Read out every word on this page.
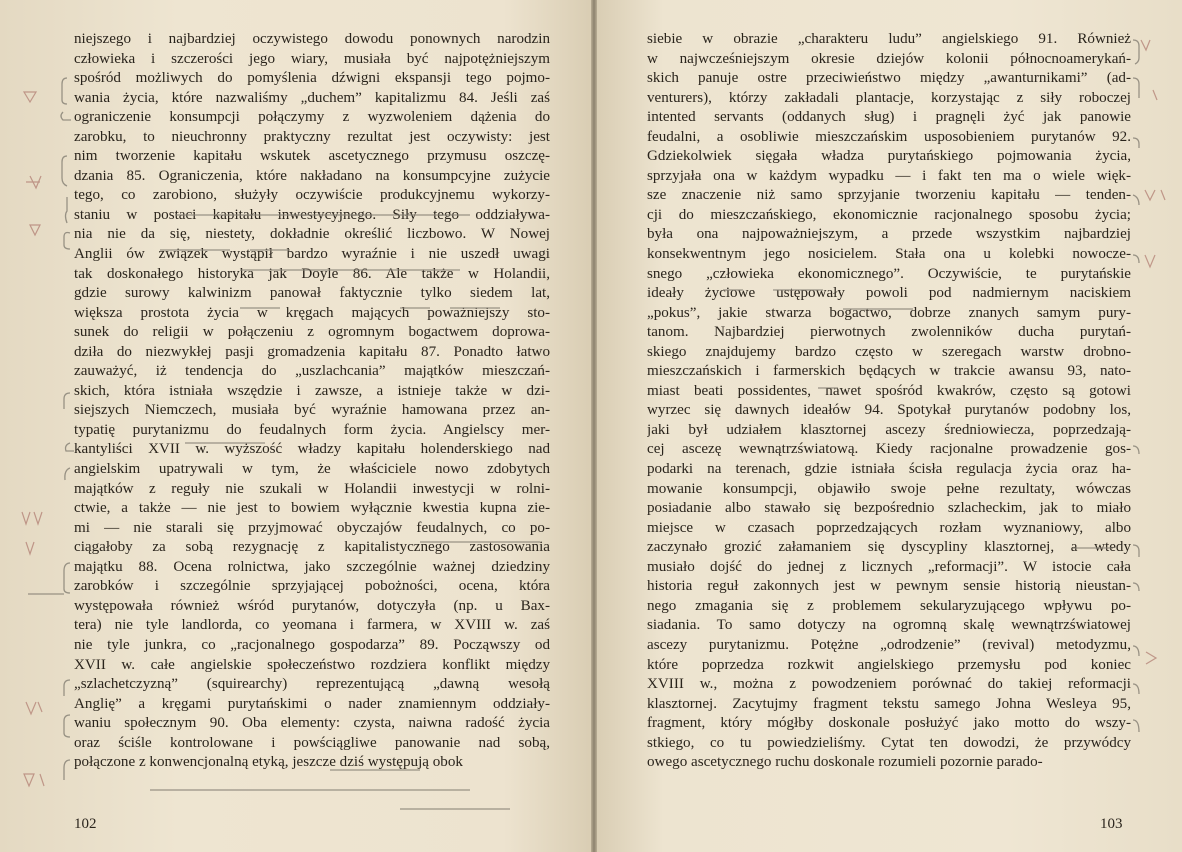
niejszego i najbardziej oczywistego dowodu ponownych narodzin
człowieka i szczerości jego wiary, musiała być najpotężniejszym
spośród możliwych do pomyślenia dźwigni ekspansji tego pojmo-
wania życia, które nazwaliśmy „duchem” kapitalizmu 84. Jeśli zaś
ograniczenie konsumpcji połączymy z wyzwoleniem dążenia do
zarobku, to nieuchronny praktyczny rezultat jest oczywisty: jest
nim tworzenie kapitału wskutek ascetycznego przymusu oszczę-
dzania 85. Ograniczenia, które nakładano na konsumpcyjne zużycie
tego, co zarobiono, służyły oczywiście produkcyjnemu wykorzy-
staniu w postaci kapitału inwestycyjnego. Siły tego oddziaływa-
nia nie da się, niestety, dokładnie określić liczbowo. W Nowej
Anglii ów związek wystąpił bardzo wyraźnie i nie uszedł uwagi
tak doskonałego historyka jak Doyle 86. Ale także w Holandii,
gdzie surowy kalwinizm panował faktycznie tylko siedem lat,
większa prostota życia w kręgach mających poważniejszy sto-
sunek do religii w połączeniu z ogromnym bogactwem doprowa-
dziła do niezwykłej pasji gromadzenia kapitału 87. Ponadto łatwo
zauważyć, iż tendencja do „uszlachcania” majątków mieszczań-
skich, która istniała wszędzie i zawsze, a istnieje także w dzi-
siejszych Niemczech, musiała być wyraźnie hamowana przez an-
typatię purytanizmu do feudalnych form życia. Angielscy mer-
kantyliści XVII w. wyższość władzy kapitału holenderskiego nad
angielskim upatrywali w tym, że właściciele nowo zdobytych
majątków z reguły nie szukali w Holandii inwestycji w rolni-
ctwie, a także — nie jest to bowiem wyłącznie kwestia kupna zie-
mi — nie starali się przyjmować obyczajów feudalnych, co po-
ciągałoby za sobą rezygnację z kapitalistycznego zastosowania
majątku 88. Ocena rolnictwa, jako szczególnie ważnej dziedziny
zarobków i szczególnie sprzyjającej pobożności, ocena, która
występowała również wśród purytanów, dotyczyła (np. u Bax-
tera) nie tyle landlorda, co yeomana i farmera, w XVIII w. zaś
nie tyle junkra, co „racjonalnego gospodarza” 89. Począwszy od
XVII w. całe angielskie społeczeństwo rozdziera konflikt między
„szlachetczyzną” (squirearchy) reprezentującą „dawną wesołą
Anglię” a kręgami purytańskimi o nader znamiennym oddziały-
waniu społecznym 90. Oba elementy: czysta, naiwna radość życia
oraz ściśle kontrolowane i powściągliwe panowanie nad sobą,
połączone z konwencjonalną etyką, jeszcze dziś występują obok
102
siebie w obrazie „charakteru ludu” angielskiego 91. Również
w najwcześniejszym okresie dziejów kolonii północnoamerykań-
skich panuje ostre przeciwieństwo między „awanturnikami” (ad-
venturers), którzy zakładali plantacje, korzystając z siły roboczej
intented servants (oddanych sług) i pragnęli żyć jak panowie
feudalni, a osobliwie mieszczańskim usposobieniem purytanów 92.
Gdziekolwiek sięgała władza purytańskiego pojmowania życia,
sprzyjała ona w każdym wypadku — i fakt ten ma o wiele więk-
sze znaczenie niż samo sprzyjanie tworzeniu kapitału — tenden-
cji do mieszczańskiego, ekonomicznie racjonalnego sposobu życia;
była ona najpoważniejszym, a przede wszystkim najbardziej
konsekwentnym jego nosicielem. Stała ona u kolebki nowocze-
snego „człowieka ekonomicznego”. Oczywiście, te purytańskie
ideały życiowe ustępowały powoli pod nadmiernym naciskiem
„pokus”, jakie stwarza bogactwo, dobrze znanych samym pury-
tanom. Najbardziej pierwotnych zwolenników ducha purytań-
skiego znajdujemy bardzo często w szeregach warstw drobno-
mieszczańskich i farmerskich będących w trakcie awansu 93, nato-
miast beati possidentes, nawet spośród kwakrów, często są gotowi
wyrzec się dawnych ideałów 94. Spotykał purytanów podobny los,
jaki był udziałem klasztornej ascezy średniowiecza, poprzedzają-
cej ascezę wewnątrzświatową. Kiedy racjonalne prowadzenie gos-
podarki na terenach, gdzie istniała ścisła regulacja życia oraz ha-
mowanie konsumpcji, objawiło swoje pełne rezultaty, wówczas
posiadanie albo stawało się bezpośrednio szlacheckim, jak to miało
miejsce w czasach poprzedzających rozłam wyznaniowy, albo
zaczynało grozić załamaniem się dyscypliny klasztornej, a wtedy
musiało dojść do jednej z licznych „reformacji”. W istocie cała
historia reguł zakonnych jest w pewnym sensie historią nieustan-
nego zmagania się z problemem sekularyzującego wpływu po-
siadania. To samo dotyczy na ogromną skalę wewnątrzświatowej
ascezy purytanizmu. Potężne „odrodzenie” (revival) metodyzmu,
które poprzedza rozkwit angielskiego przemysłu pod koniec
XVIII w., można z powodzeniem porównać do takiej reformacji
klasztornej. Zacytujmy fragment tekstu samego Johna Wesleya 95,
fragment, który mógłby doskonale posłużyć jako motto do wszy-
stkiego, co tu powiedzieliśmy. Cytat ten dowodzi, że przywódcy
owego ascetycznego ruchu doskonale rozumieli pozornie parado-
103
